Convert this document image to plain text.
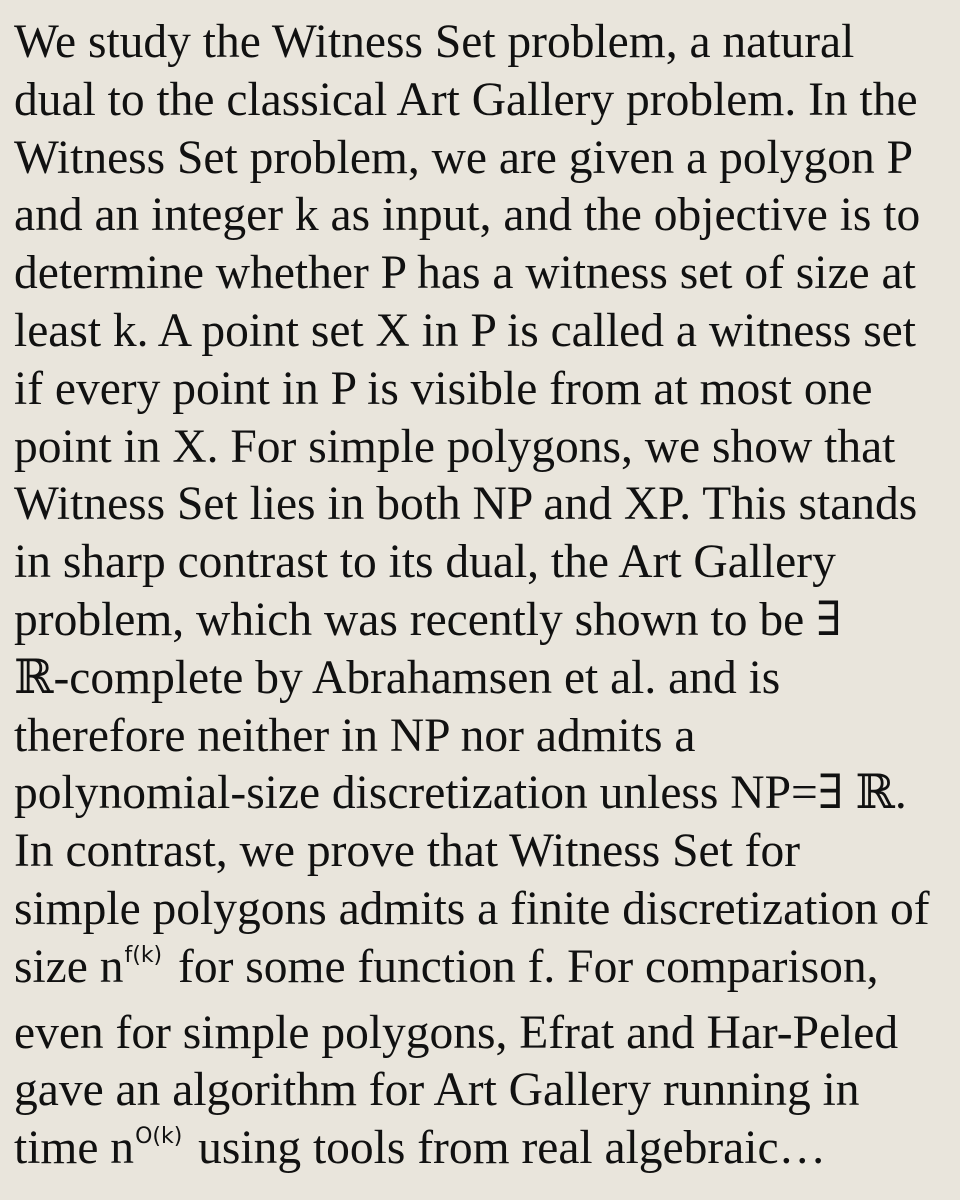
We study the Witness Set problem, a natural
dual to the classical Art Gallery problem. In the
Witness Set problem, we are given a polygon P
and an integer k as input, and the objective is to
determine whether P has a witness set of size at
least k. A point set X in P is called a witness set
if every point in P is visible from at most one
point in X. For simple polygons, we show that
Witness Set lies in both NP and XP. This stands
in sharp contrast to its dual, the Art Gallery
problem, which was recently shown to be ∃
ℝ-complete by Abrahamsen et al. and is
therefore neither in NP nor admits a
polynomial-size discretization unless NP=∃ ℝ.
In contrast, we prove that Witness Set for
simple polygons admits a finite discretization of
size $n^{f(k)}$ for some function f. For comparison,
even for simple polygons, Efrat and Har-Peled
gave an algorithm for Art Gallery running in
time $n^{O(k)}$ using tools from real algebraic…
